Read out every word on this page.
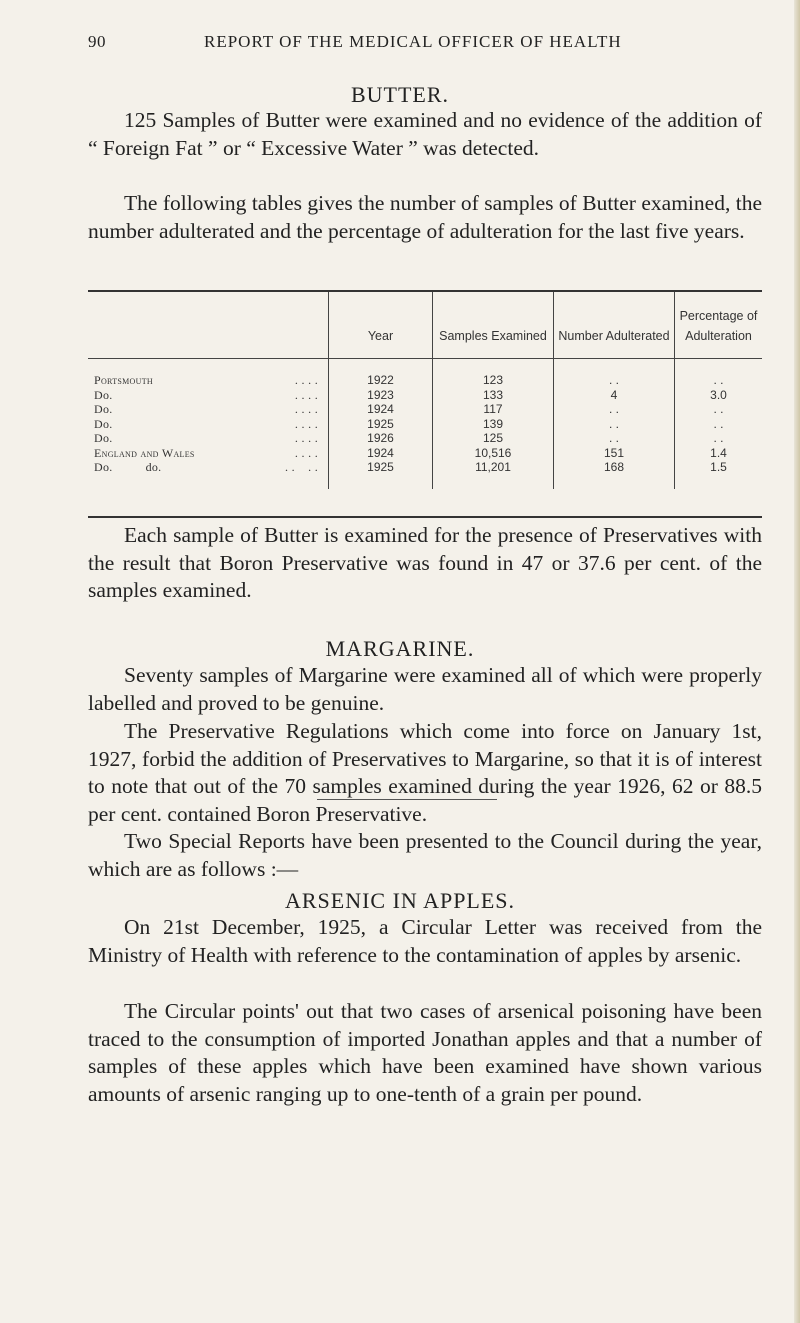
90	REPORT OF THE MEDICAL OFFICER OF HEALTH
BUTTER.

125 Samples of Butter were examined and no evidence of the addition of “ Foreign Fat ” or “ Excessive Water ” was detected.

The following tables gives the number of samples of Butter examined, the number adulterated and the percentage of adulteration for the last five years.

	Year	Samples Examined	Number Adulterated	Percentage of Adulteration
Portsmouth . . . .	1922	123	. .	. .
Do. . . . .	1923	133	4	3.0
Do. . . . .	1924	117	. .	. .
Do. . . . .	1925	139	. .	. .
Do. . . . .	1926	125	. .	. .
England and Wales . . . .	1924	10,516	151	1.4
Do.          do. . .    . .	1925	11,201	168	1.5

Each sample of Butter is examined for the presence of Preservatives with the result that Boron Preservative was found in 47 or 37.6 per cent. of the samples examined.

MARGARINE.

Seventy samples of Margarine were examined all of which were properly labelled and proved to be genuine.

The Preservative Regulations which come into force on January 1st, 1927, forbid the addition of Preservatives to Margarine, so that it is of interest to note that out of the 70 samples examined during the year 1926, 62 or 88.5 per cent. contained Boron Preservative.

Two Special Reports have been presented to the Council during the year, which are as follows :—

ARSENIC IN APPLES.

On 21st December, 1925, a Circular Letter was received from the Ministry of Health with reference to the contamination of apples by arsenic.

The Circular points' out that two cases of arsenical poisoning have been traced to the consumption of imported Jonathan apples and that a number of samples of these apples which have been examined have shown various amounts of arsenic ranging up to one-tenth of a grain per pound.
